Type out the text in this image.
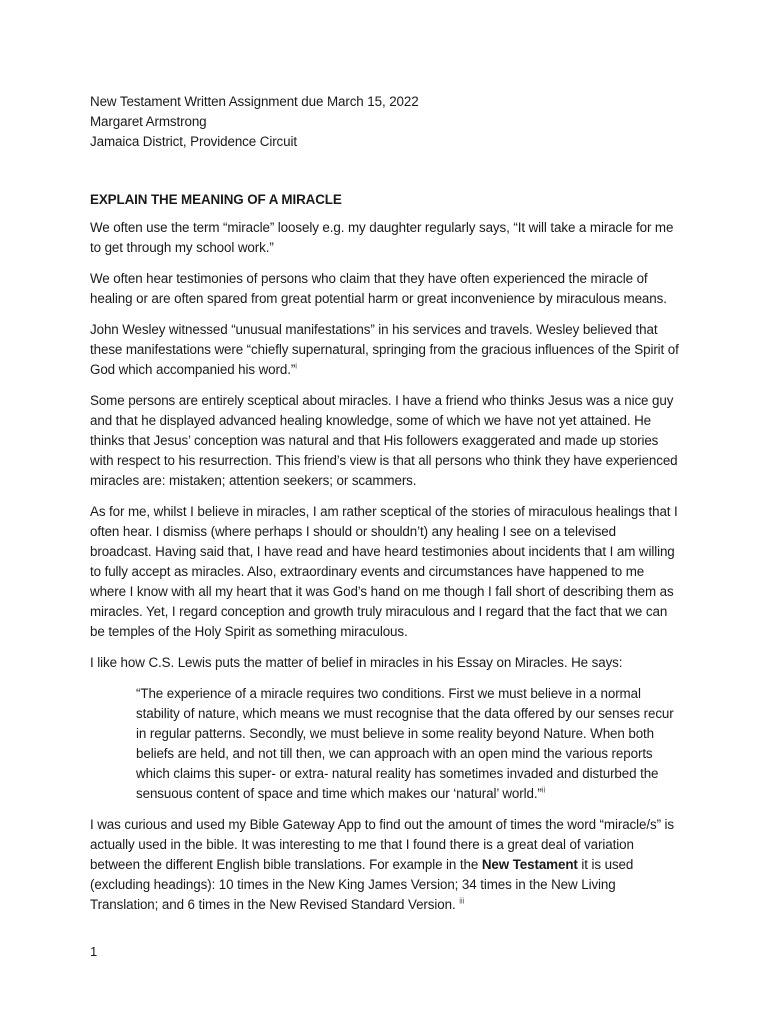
New Testament Written Assignment due March 15, 2022

Margaret Armstrong

Jamaica District, Providence Circuit

EXPLAIN THE MEANING OF A MIRACLE

We often use the term “miracle” loosely e.g. my daughter regularly says, “It will take a miracle for me to get through my school work.”

We often hear testimonies of persons who claim that they have often experienced the miracle of healing or are often spared from great potential harm or great inconvenience by miraculous means.

John Wesley witnessed “unusual manifestations” in his services and travels. Wesley believed that these manifestations were “chiefly supernatural, springing from the gracious influences of the Spirit of God which accompanied his word.”$^i$

Some persons are entirely sceptical about miracles. I have a friend who thinks Jesus was a nice guy and that he displayed advanced healing knowledge, some of which we have not yet attained. He thinks that Jesus’ conception was natural and that His followers exaggerated and made up stories with respect to his resurrection. This friend’s view is that all persons who think they have experienced miracles are: mistaken; attention seekers; or scammers.

As for me, whilst I believe in miracles, I am rather sceptical of the stories of miraculous healings that I often hear. I dismiss (where perhaps I should or shouldn’t) any healing I see on a televised broadcast. Having said that, I have read and have heard testimonies about incidents that I am willing to fully accept as miracles. Also, extraordinary events and circumstances have happened to me where I know with all my heart that it was God’s hand on me though I fall short of describing them as miracles. Yet, I regard conception and growth truly miraculous and I regard that the fact that we can be temples of the Holy Spirit as something miraculous.

I like how C.S. Lewis puts the matter of belief in miracles in his Essay on Miracles. He says:

“The experience of a miracle requires two conditions. First we must believe in a normal stability of nature, which means we must recognise that the data offered by our senses recur in regular patterns. Secondly, we must believe in some reality beyond Nature. When both beliefs are held, and not till then, we can approach with an open mind the various reports which claims this super- or extra- natural reality has sometimes invaded and disturbed the sensuous content of space and time which makes our ‘natural’ world.”$^{ii}$

I was curious and used my Bible Gateway App to find out the amount of times the word “miracle/s” is actually used in the bible. It was interesting to me that I found there is a great deal of variation between the different English bible translations. For example in the New Testament it is used (excluding headings): 10 times in the New King James Version; 34 times in the New Living Translation; and 6 times in the New Revised Standard Version. $^{iii}$

1
